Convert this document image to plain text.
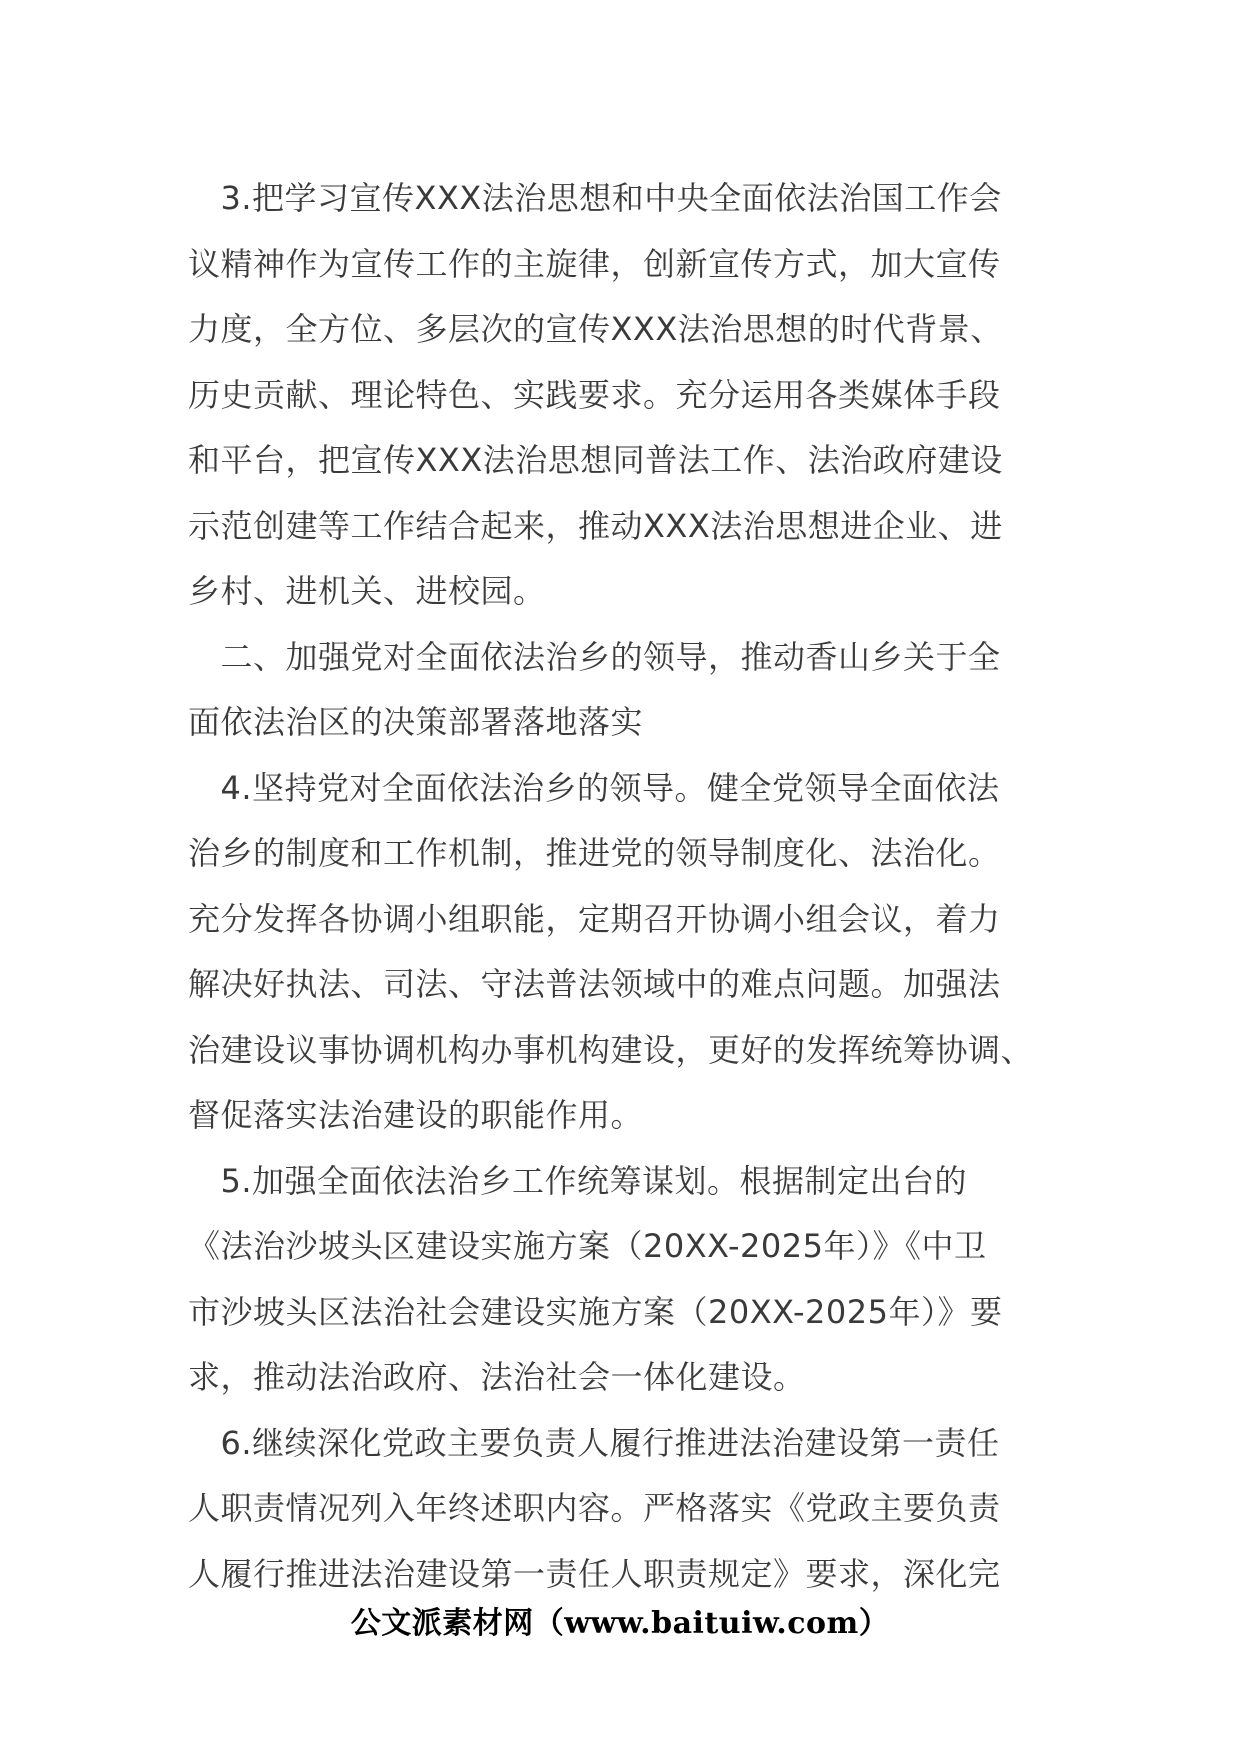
　3.把学习宣传XXX法治思想和中央全面依法治国工作会
议精神作为宣传工作的主旋律，创新宣传方式，加大宣传
力度，全方位、多层次的宣传XXX法治思想的时代背景、
历史贡献、理论特色、实践要求。充分运用各类媒体手段
和平台，把宣传XXX法治思想同普法工作、法治政府建设
示范创建等工作结合起来，推动XXX法治思想进企业、进
乡村、进机关、进校园。
　二、加强党对全面依法治乡的领导，推动香山乡关于全
面依法治区的决策部署落地落实
　4.坚持党对全面依法治乡的领导。健全党领导全面依法
治乡的制度和工作机制，推进党的领导制度化、法治化。
充分发挥各协调小组职能，定期召开协调小组会议，着力
解决好执法、司法、守法普法领域中的难点问题。加强法
治建设议事协调机构办事机构建设，更好的发挥统筹协调、
督促落实法治建设的职能作用。
　5.加强全面依法治乡工作统筹谋划。根据制定出台的
《法治沙坡头区建设实施方案（20XX-2025年）》《中卫
市沙坡头区法治社会建设实施方案（20XX-2025年）》要
求，推动法治政府、法治社会一体化建设。
　6.继续深化党政主要负责人履行推进法治建设第一责任
人职责情况列入年终述职内容。严格落实《党政主要负责
人履行推进法治建设第一责任人职责规定》要求，深化完
公文派素材网（www.baituiw.com）
